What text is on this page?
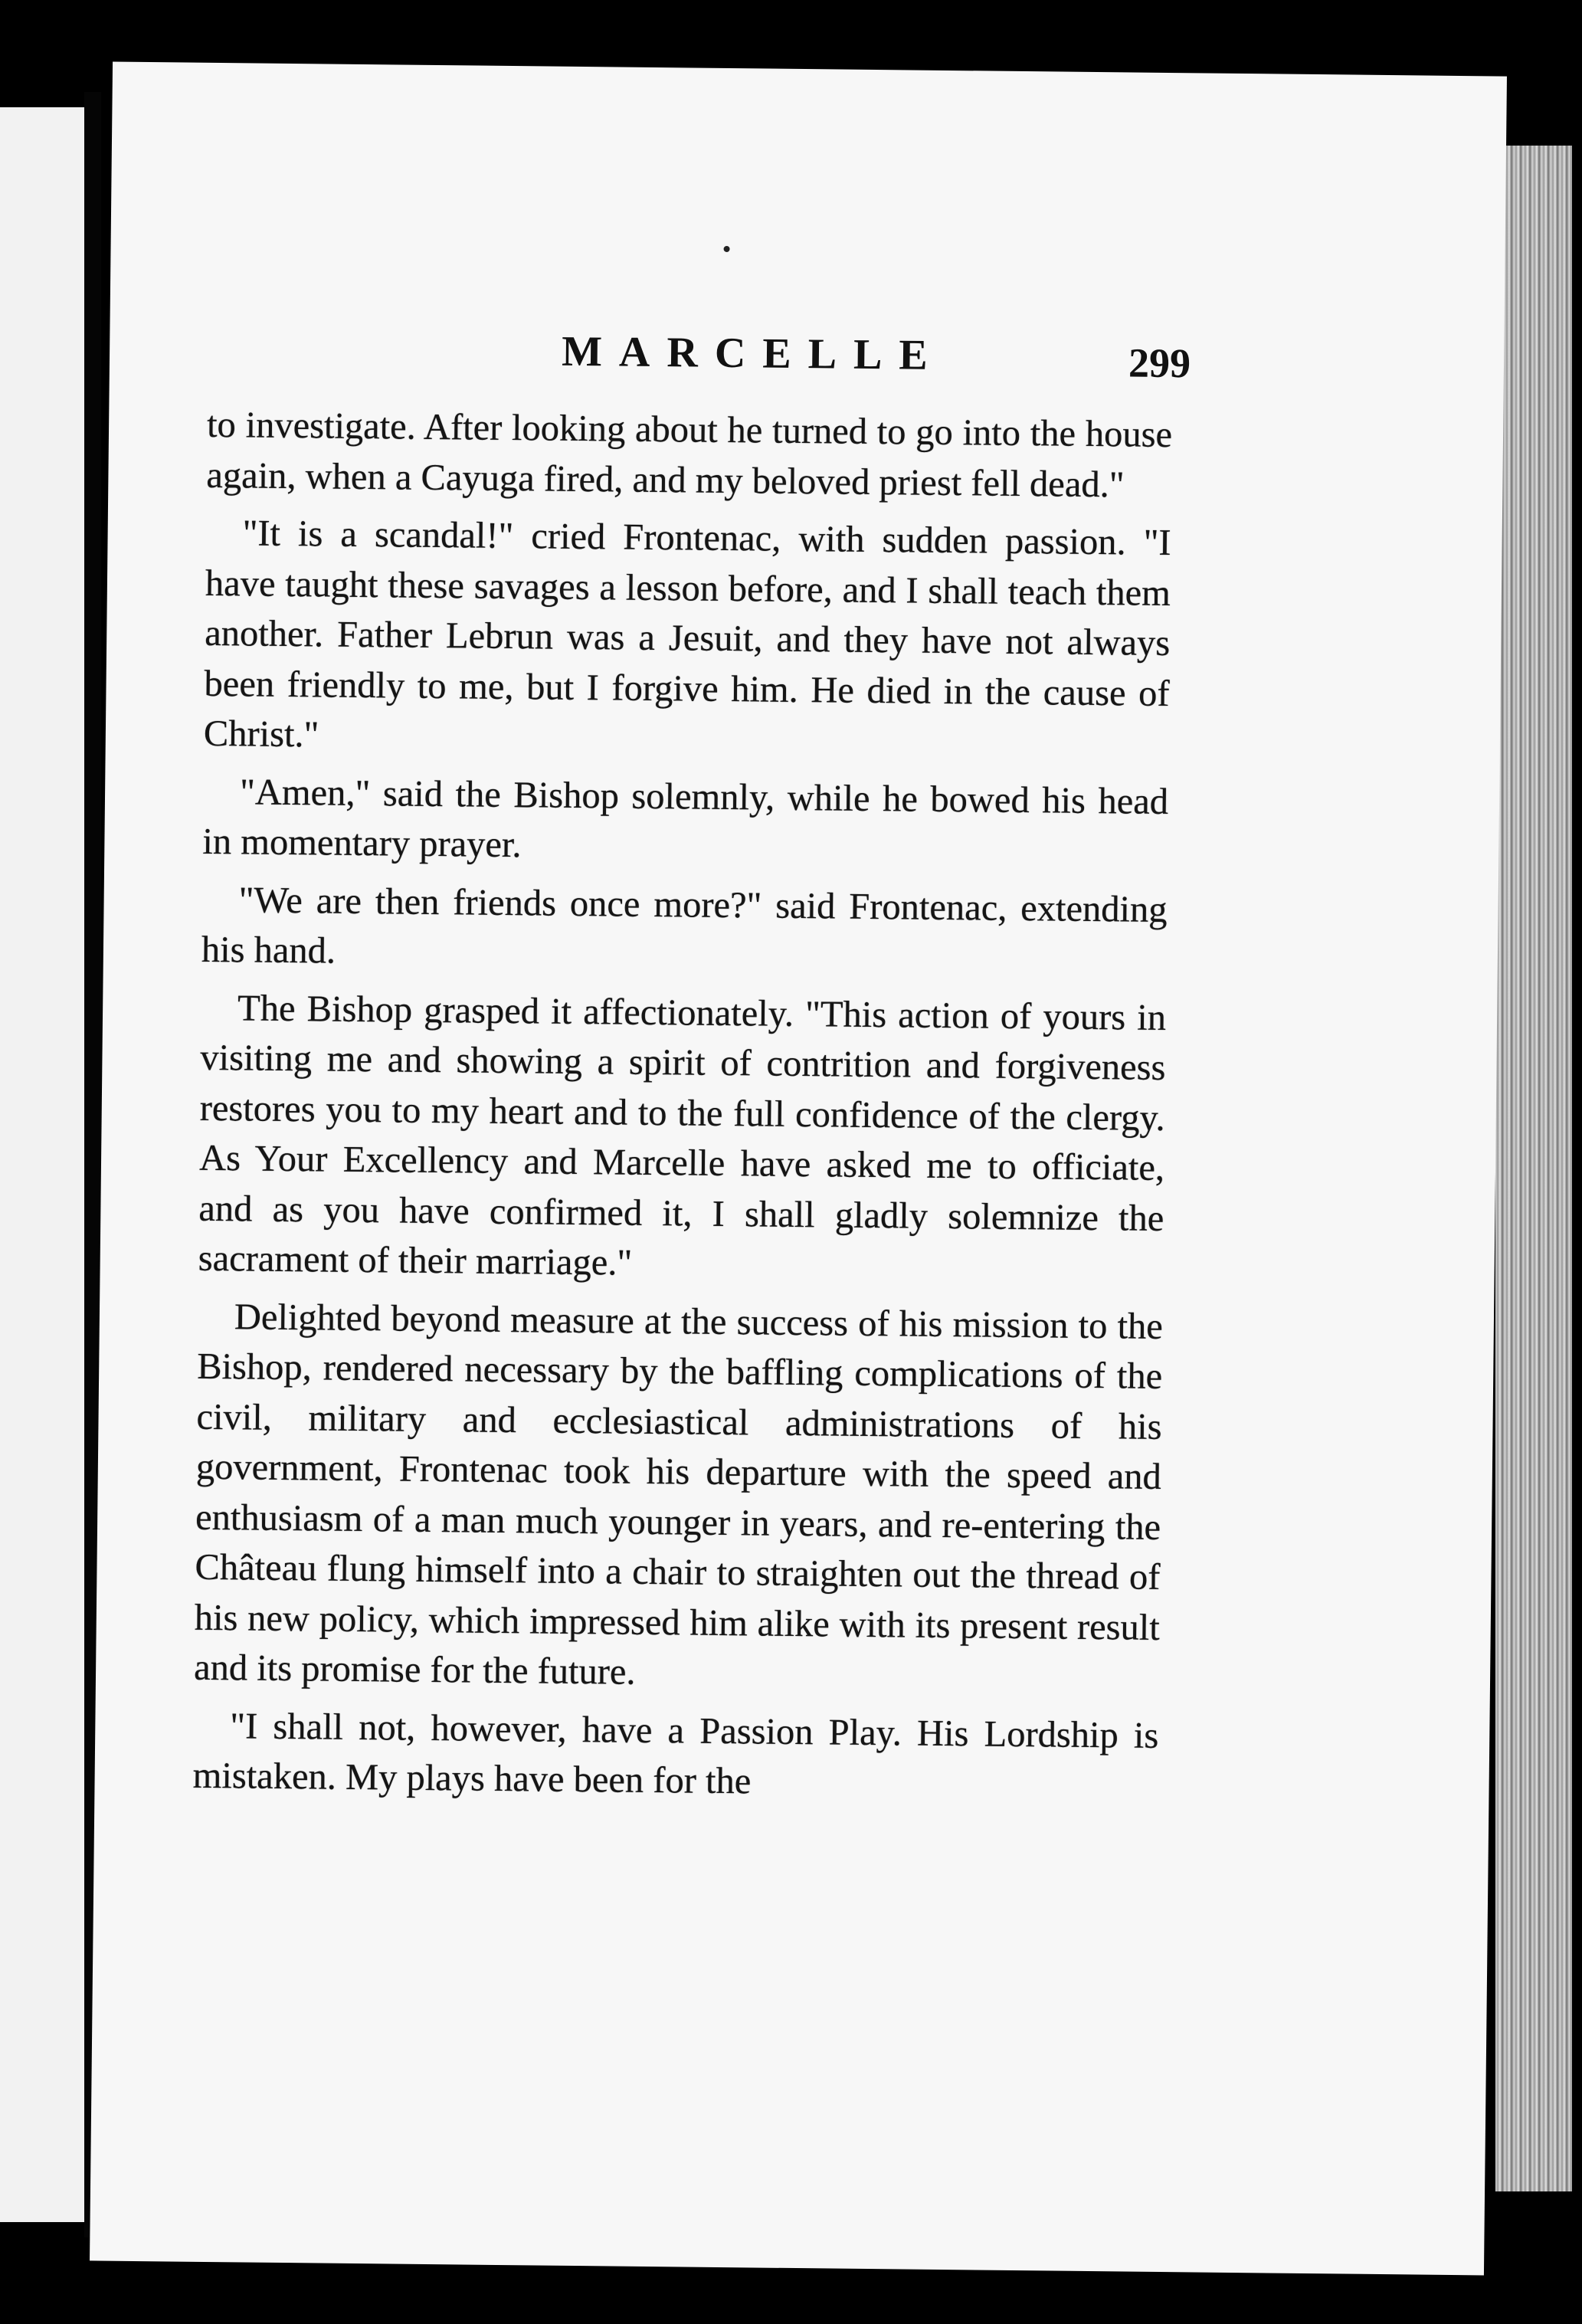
MARCELLE	299

to investigate. After looking about he turned to go into the house again, when a Cayuga fired, and my beloved priest fell dead."

"It is a scandal!" cried Frontenac, with sudden passion. "I have taught these savages a lesson before, and I shall teach them another. Father Lebrun was a Jesuit, and they have not always been friendly to me, but I forgive him. He died in the cause of Christ."

"Amen," said the Bishop solemnly, while he bowed his head in momentary prayer.

"We are then friends once more?" said Frontenac, extending his hand.

The Bishop grasped it affectionately. "This action of yours in visiting me and showing a spirit of contrition and forgiveness restores you to my heart and to the full confidence of the clergy. As Your Excellency and Marcelle have asked me to officiate, and as you have confirmed it, I shall gladly solemnize the sacrament of their marriage."

Delighted beyond measure at the success of his mission to the Bishop, rendered necessary by the baffling complications of the civil, military and ecclesiastical administrations of his government, Frontenac took his departure with the speed and enthusiasm of a man much younger in years, and re-entering the Château flung himself into a chair to straighten out the thread of his new policy, which impressed him alike with its present result and its promise for the future.

"I shall not, however, have a Passion Play. His Lordship is mistaken. My plays have been for the
